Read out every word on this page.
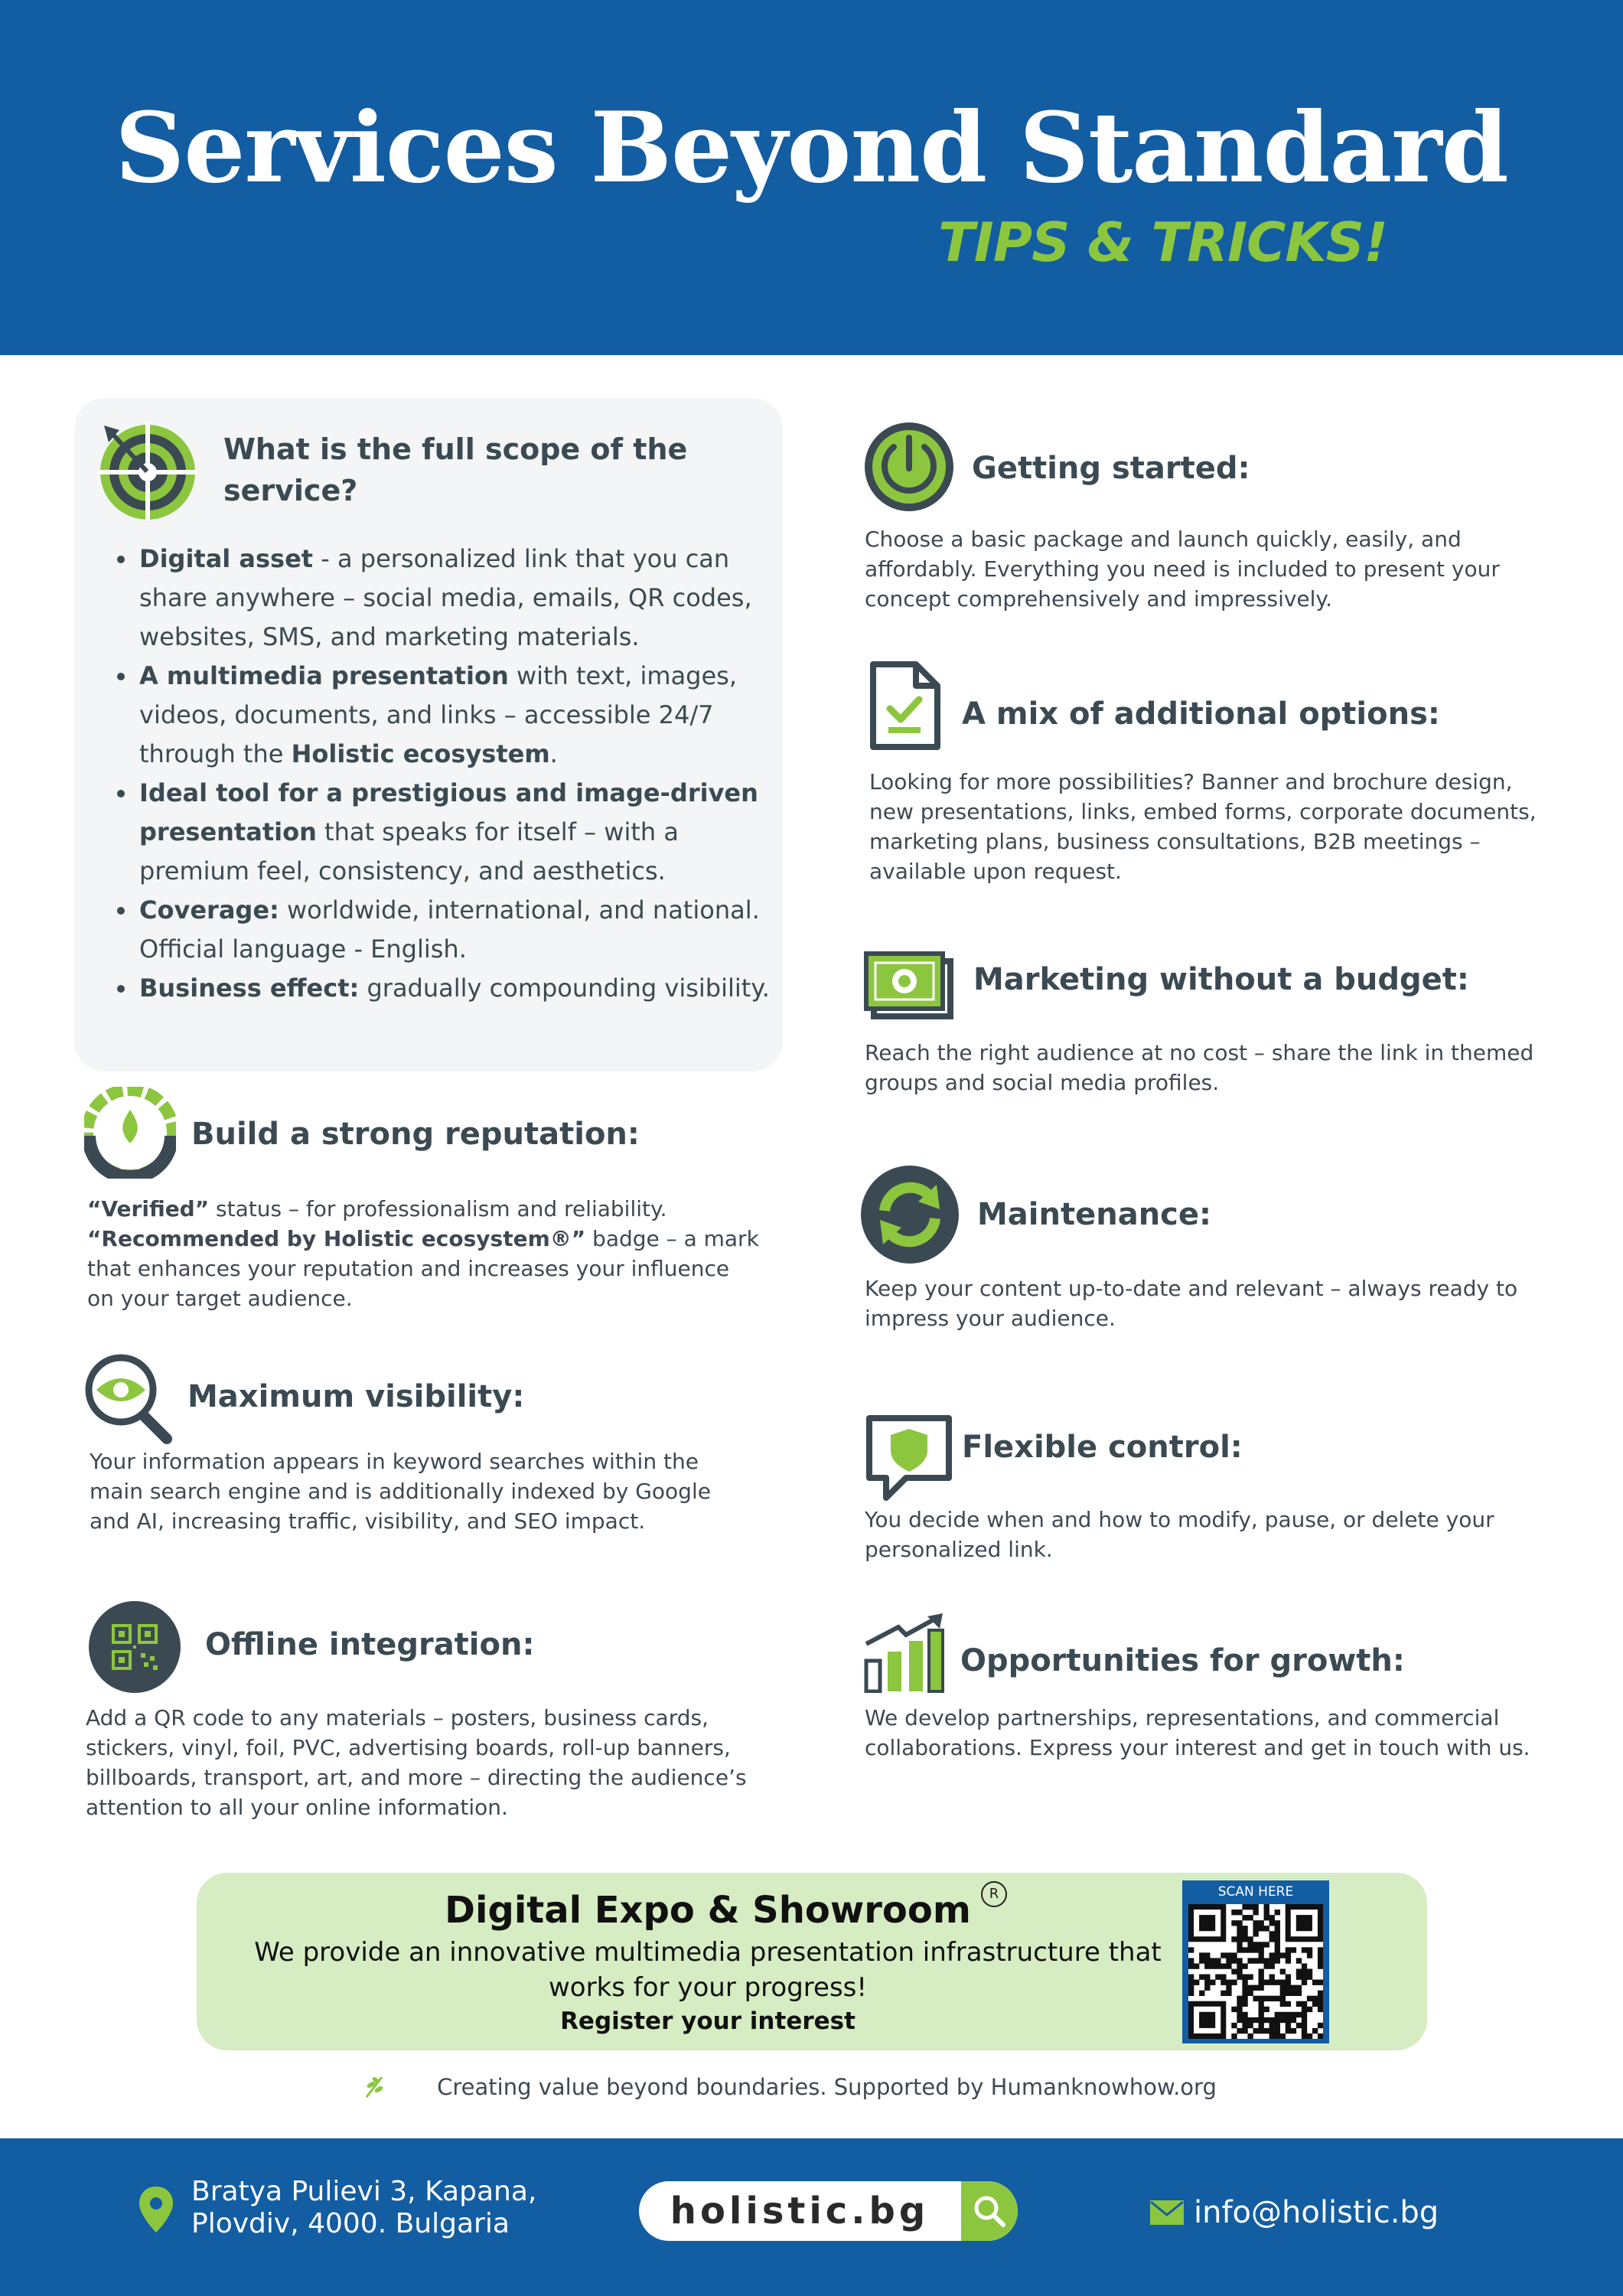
Services Beyond Standard
TIPS & TRICKS!
What is the full scope of the service?
• Digital asset - a personalized link that you can share anywhere – social media, emails, QR codes, websites, SMS, and marketing materials.
• A multimedia presentation with text, images, videos, documents, and links – accessible 24/7 through the Holistic ecosystem.
• Ideal tool for a prestigious and image-driven presentation that speaks for itself – with a premium feel, consistency, and aesthetics.
• Coverage: worldwide, international, and national. Official language - English.
• Business effect: gradually compounding visibility.
Build a strong reputation:
“Verified” status – for professionalism and reliability.
“Recommended by Holistic ecosystem®” badge – a mark that enhances your reputation and increases your influence on your target audience.
Maximum visibility:
Your information appears in keyword searches within the main search engine and is additionally indexed by Google and AI, increasing traffic, visibility, and SEO impact.
Offline integration:
Add a QR code to any materials – posters, business cards, stickers, vinyl, foil, PVC, advertising boards, roll-up banners, billboards, transport, art, and more – directing the audience’s attention to all your online information.
Getting started:
Choose a basic package and launch quickly, easily, and affordably. Everything you need is included to present your concept comprehensively and impressively.
A mix of additional options:
Looking for more possibilities? Banner and brochure design, new presentations, links, embed forms, corporate documents, marketing plans, business consultations, B2B meetings – available upon request.
Marketing without a budget:
Reach the right audience at no cost – share the link in themed groups and social media profiles.
Maintenance:
Keep your content up-to-date and relevant – always ready to impress your audience.
Flexible control:
You decide when and how to modify, pause, or delete your personalized link.
Opportunities for growth:
We develop partnerships, representations, and commercial collaborations. Express your interest and get in touch with us.
Digital Expo & Showroom	R
We provide an innovative multimedia presentation infrastructure that works for your progress!
Register your interest
SCAN HERE
Creating value beyond boundaries. Supported by Humanknowhow.org
Bratya Pulievi 3, Kapana,
Plovdiv, 4000. Bulgaria	holistic.bg	info@holistic.bg
